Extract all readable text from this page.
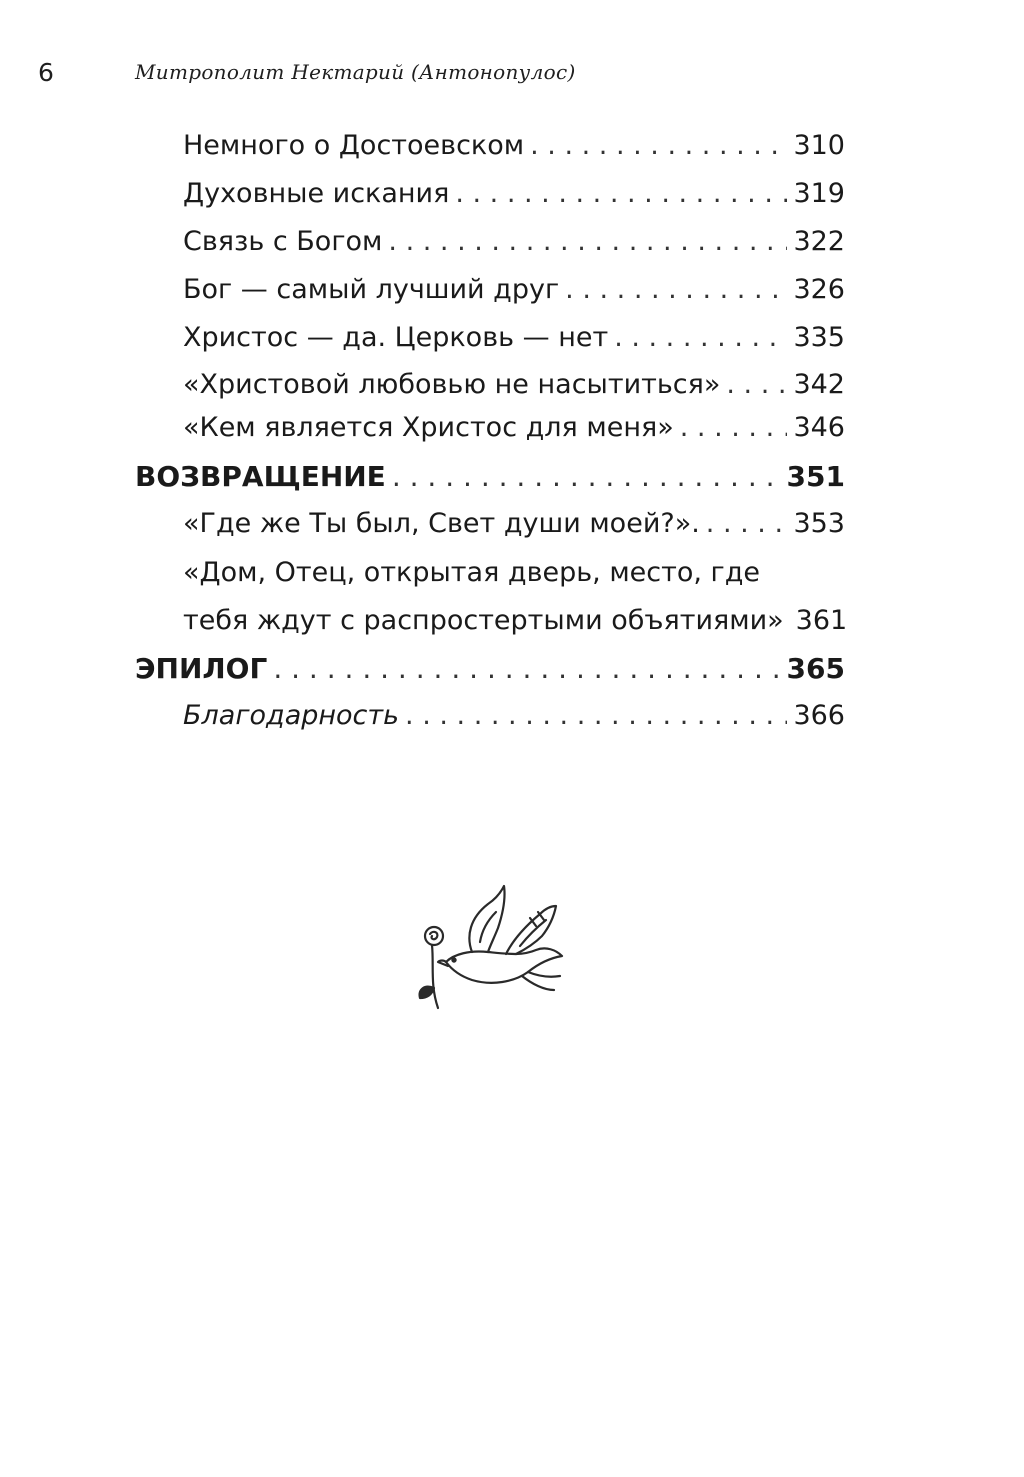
6	Митрополит Нектарий (Антонопулос)
Немного о Достоевском . . .	310
Духовные искания . . .	319
Связь с Богом . . .	322
Бог — самый лучший друг . . .	326
Христос — да. Церковь — нет . . .	335
«Христовой любовью не насытиться» . . .	342
«Кем является Христос для меня» . . .	346
ВОЗВРАЩЕНИЕ . . .	351
«Где же Ты был, Свет души моей?». . . .	353
«Дом, Отец, открытая дверь, место, где
тебя ждут с распростертыми объятиями» 361
ЭПИЛОГ . . .	365
Благодарность . . .	366
